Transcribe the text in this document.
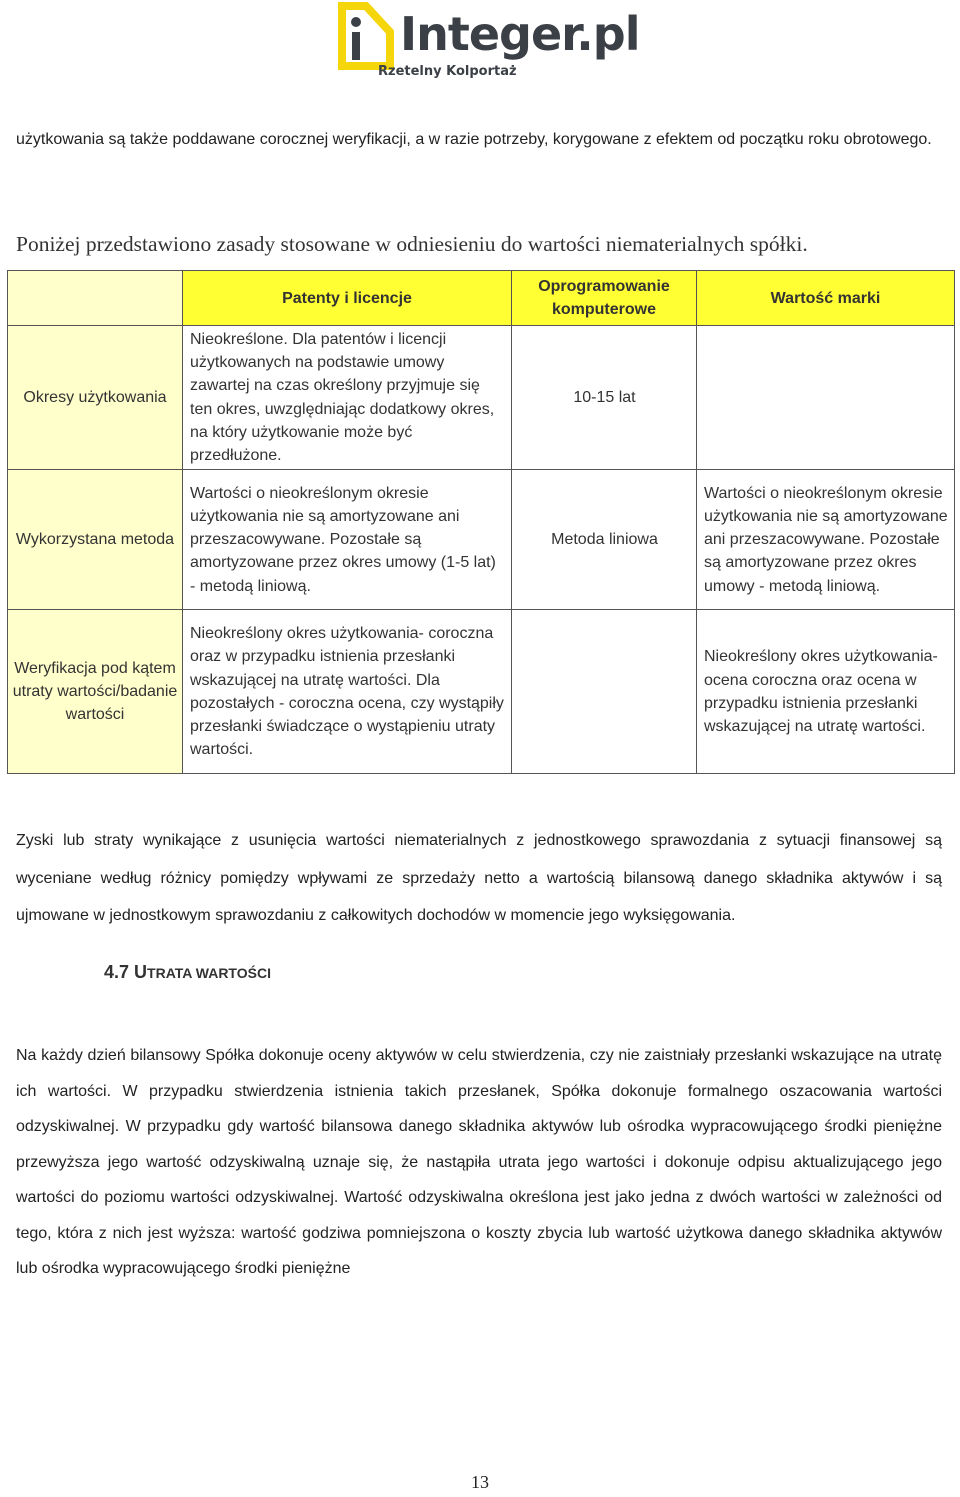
Integer.pl
Rzetelny Kolportaż
użytkowania są także poddawane corocznej weryfikacji, a w razie potrzeby, korygowane z efektem od początku roku obrotowego.
Poniżej przedstawiono zasady stosowane w odniesieniu do wartości niematerialnych spółki.
	Patenty i licencje	Oprogramowanie komputerowe	Wartość marki
Okresy użytkowania	Nieokreślone. Dla patentów i licencji użytkowanych na podstawie umowy zawartej na czas określony przyjmuje się ten okres, uwzględniając dodatkowy okres, na który użytkowanie może być przedłużone.	10-15 lat	

Wykorzystana metoda	Wartości o nieokreślonym okresie użytkowania nie są amortyzowane ani przeszacowywane. Pozostałe są amortyzowane przez okres umowy (1-5 lat) - metodą liniową.	Metoda liniowa	Wartości o nieokreślonym okresie użytkowania nie są amortyzowane ani przeszacowywane. Pozostałe są amortyzowane przez okres umowy - metodą liniową.

Weryfikacja pod kątem utraty wartości/badanie wartości	Nieokreślony okres użytkowania- coroczna oraz w przypadku istnienia przesłanki wskazującej na utratę wartości. Dla pozostałych - coroczna ocena, czy wystąpiły przesłanki świadczące o wystąpieniu utraty wartości.		Nieokreślony okres użytkowania- ocena coroczna oraz ocena w przypadku istnienia przesłanki wskazującej na utratę wartości.
Zyski lub straty wynikające z usunięcia wartości niematerialnych z jednostkowego sprawozdania z sytuacji finansowej są wyceniane według różnicy pomiędzy wpływami ze sprzedaży netto a wartością bilansową danego składnika aktywów i są ujmowane w jednostkowym sprawozdaniu z całkowitych dochodów w momencie jego wyksięgowania.
4.7 UTRATA WARTOŚCI
Na każdy dzień bilansowy Spółka dokonuje oceny aktywów w celu stwierdzenia, czy nie zaistniały przesłanki wskazujące na utratę ich wartości. W przypadku stwierdzenia istnienia takich przesłanek, Spółka dokonuje formalnego oszacowania wartości odzyskiwalnej. W przypadku gdy wartość bilansowa danego składnika aktywów lub ośrodka wypracowującego środki pieniężne przewyższa jego wartość odzyskiwalną uznaje się, że nastąpiła utrata jego wartości i dokonuje odpisu aktualizującego jego wartości do poziomu wartości odzyskiwalnej. Wartość odzyskiwalna określona jest jako jedna z dwóch wartości w zależności od tego, która z nich jest wyższa: wartość godziwa pomniejszona o koszty zbycia lub wartość użytkowa danego składnika aktywów lub ośrodka wypracowującego środki pieniężne
13
